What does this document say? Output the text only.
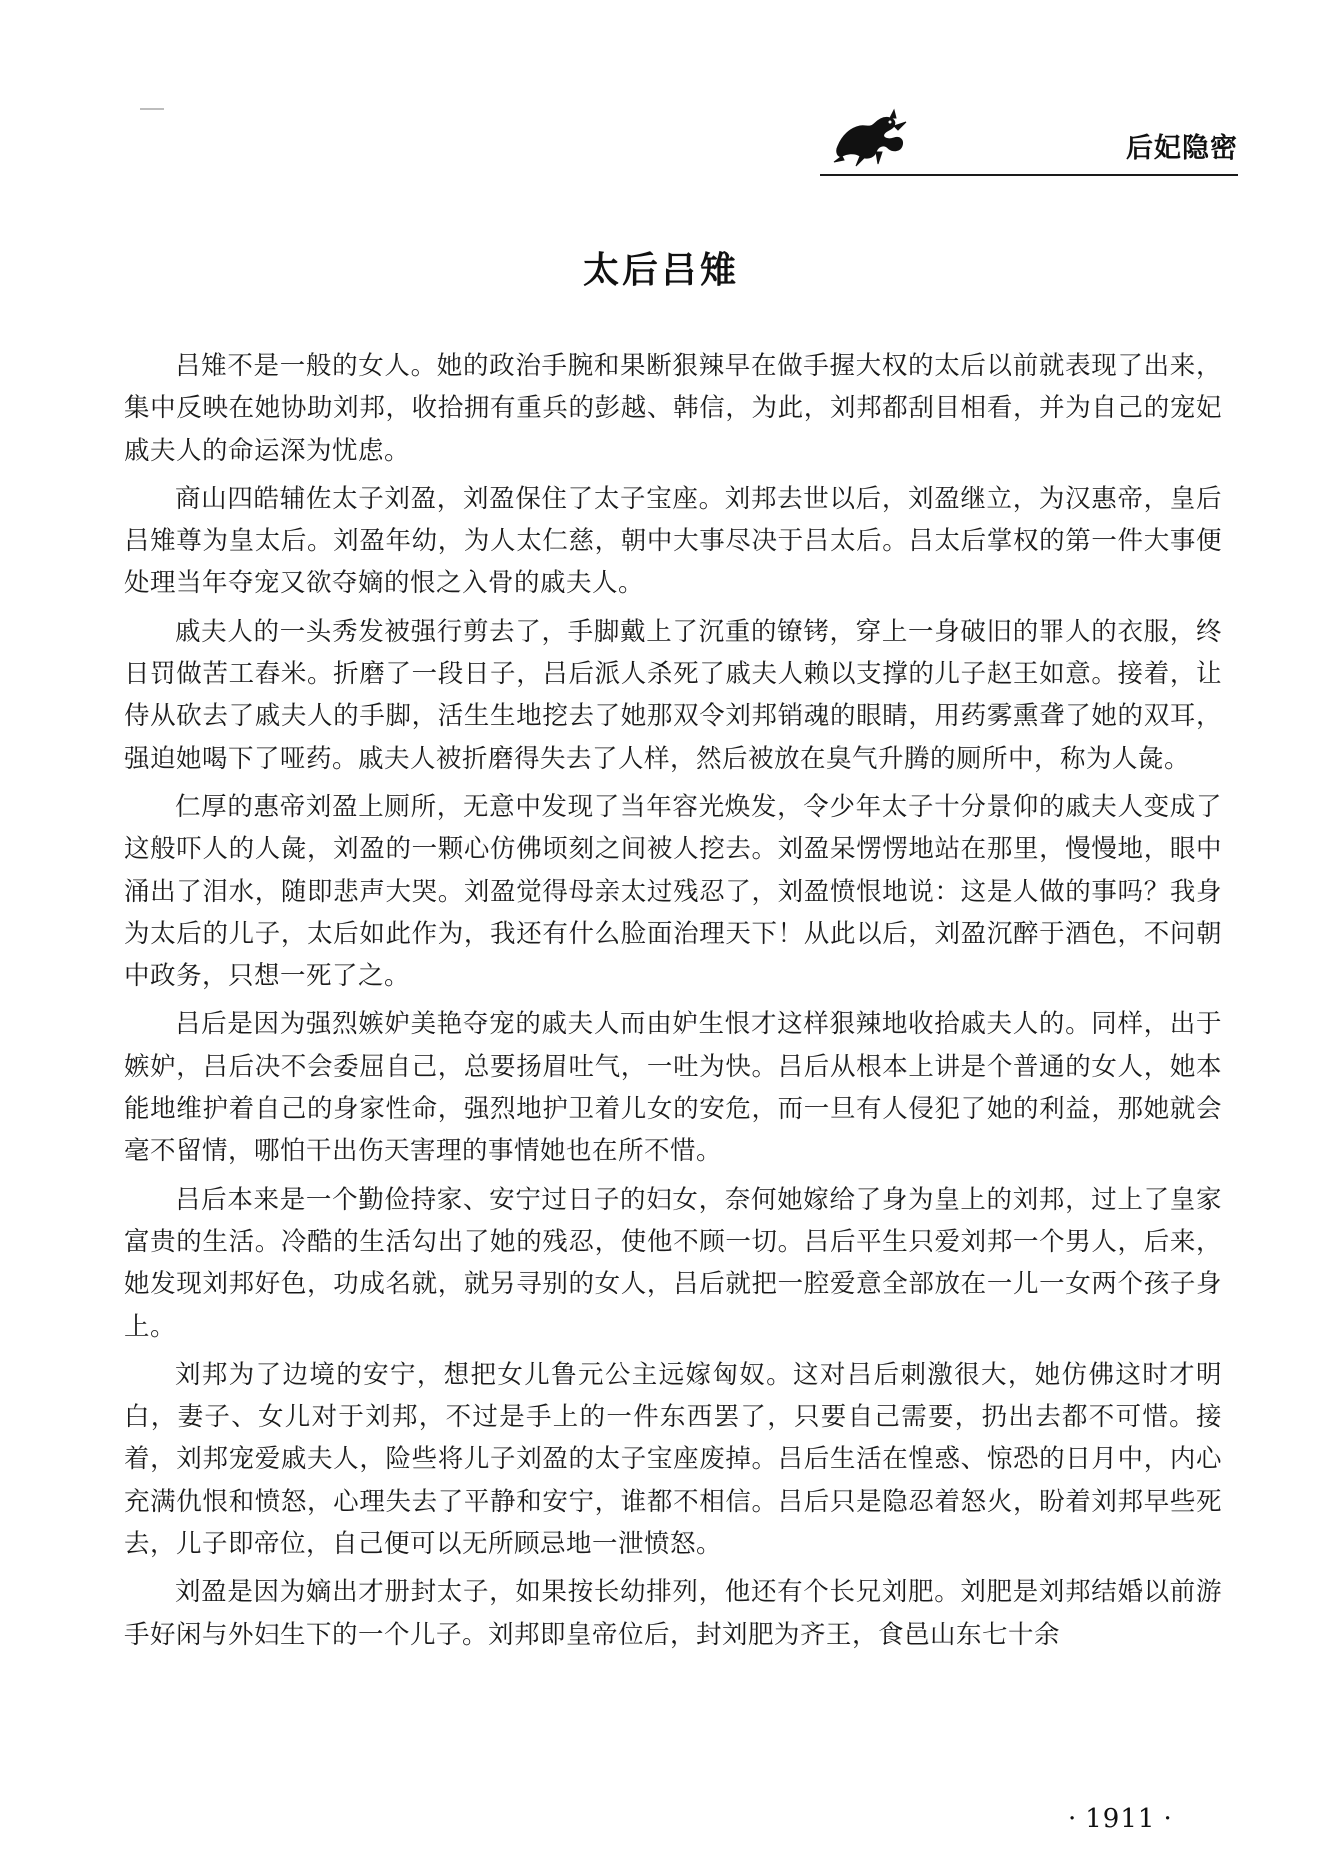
后妃隐密
太后吕雉

吕雉不是一般的女人。她的政治手腕和果断狠辣早在做手握大权的太后以前就表现了出来，集中反映在她协助刘邦，收拾拥有重兵的彭越、韩信，为此，刘邦都刮目相看，并为自己的宠妃戚夫人的命运深为忧虑。

商山四皓辅佐太子刘盈，刘盈保住了太子宝座。刘邦去世以后，刘盈继立，为汉惠帝，皇后吕雉尊为皇太后。刘盈年幼，为人太仁慈，朝中大事尽决于吕太后。吕太后掌权的第一件大事便处理当年夺宠又欲夺嫡的恨之入骨的戚夫人。

戚夫人的一头秀发被强行剪去了，手脚戴上了沉重的镣铐，穿上一身破旧的罪人的衣服，终日罚做苦工舂米。折磨了一段日子，吕后派人杀死了戚夫人赖以支撑的儿子赵王如意。接着，让侍从砍去了戚夫人的手脚，活生生地挖去了她那双令刘邦销魂的眼睛，用药雾熏聋了她的双耳，强迫她喝下了哑药。戚夫人被折磨得失去了人样，然后被放在臭气升腾的厕所中，称为人彘。

仁厚的惠帝刘盈上厕所，无意中发现了当年容光焕发，令少年太子十分景仰的戚夫人变成了这般吓人的人彘，刘盈的一颗心仿佛顷刻之间被人挖去。刘盈呆愣愣地站在那里，慢慢地，眼中涌出了泪水，随即悲声大哭。刘盈觉得母亲太过残忍了，刘盈愤恨地说：这是人做的事吗？我身为太后的儿子，太后如此作为，我还有什么脸面治理天下！从此以后，刘盈沉醉于酒色，不问朝中政务，只想一死了之。

吕后是因为强烈嫉妒美艳夺宠的戚夫人而由妒生恨才这样狠辣地收拾戚夫人的。同样，出于嫉妒，吕后决不会委屈自己，总要扬眉吐气，一吐为快。吕后从根本上讲是个普通的女人，她本能地维护着自己的身家性命，强烈地护卫着儿女的安危，而一旦有人侵犯了她的利益，那她就会毫不留情，哪怕干出伤天害理的事情她也在所不惜。

吕后本来是一个勤俭持家、安宁过日子的妇女，奈何她嫁给了身为皇上的刘邦，过上了皇家富贵的生活。冷酷的生活勾出了她的残忍，使他不顾一切。吕后平生只爱刘邦一个男人，后来，她发现刘邦好色，功成名就，就另寻别的女人，吕后就把一腔爱意全部放在一儿一女两个孩子身上。

刘邦为了边境的安宁，想把女儿鲁元公主远嫁匈奴。这对吕后刺激很大，她仿佛这时才明白，妻子、女儿对于刘邦，不过是手上的一件东西罢了，只要自己需要，扔出去都不可惜。接着，刘邦宠爱戚夫人，险些将儿子刘盈的太子宝座废掉。吕后生活在惶惑、惊恐的日月中，内心充满仇恨和愤怒，心理失去了平静和安宁，谁都不相信。吕后只是隐忍着怒火，盼着刘邦早些死去，儿子即帝位，自己便可以无所顾忌地一泄愤怒。

刘盈是因为嫡出才册封太子，如果按长幼排列，他还有个长兄刘肥。刘肥是刘邦结婚以前游手好闲与外妇生下的一个儿子。刘邦即皇帝位后，封刘肥为齐王，食邑山东七十余

· 1911 ·
